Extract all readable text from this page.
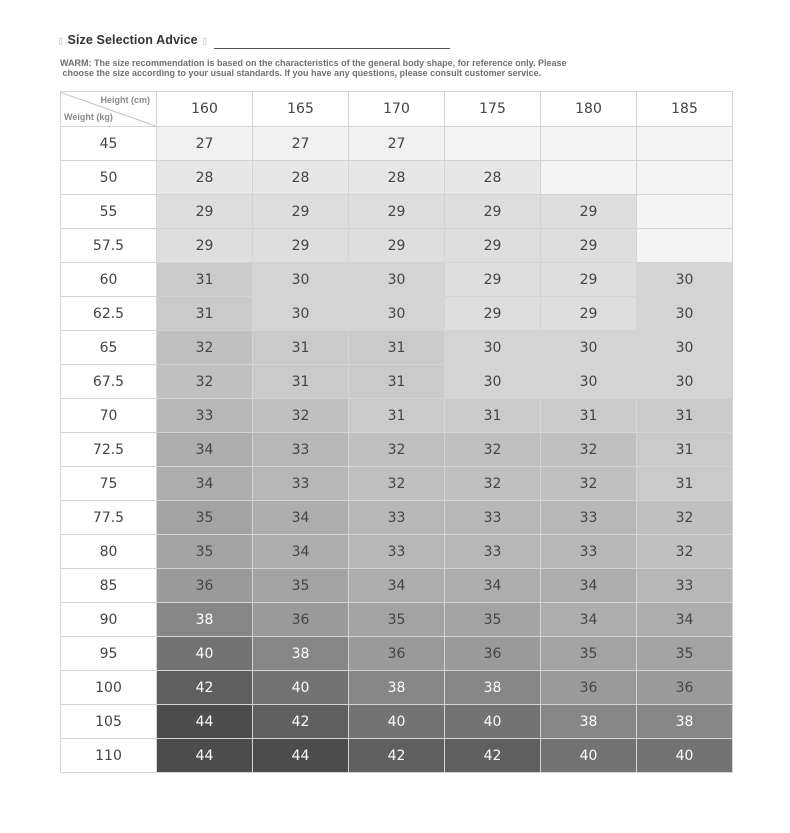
▯ Size Selection Advice ▯
WARM: The size recommendation is based on the characteristics of the general body shape, for reference only. Please
choose the size according to your usual standards. If you have any questions, please consult customer service.
Height (cm)
Weight (kg)	160	165	170	175	180	185
45	27	27	27			
50	28	28	28	28		
55	29	29	29	29	29	
57.5	29	29	29	29	29	
60	31	30	30	29	29	30
62.5	31	30	30	29	29	30
65	32	31	31	30	30	30
67.5	32	31	31	30	30	30
70	33	32	31	31	31	31
72.5	34	33	32	32	32	31
75	34	33	32	32	32	31
77.5	35	34	33	33	33	32
80	35	34	33	33	33	32
85	36	35	34	34	34	33
90	38	36	35	35	34	34
95	40	38	36	36	35	35
100	42	40	38	38	36	36
105	44	42	40	40	38	38
110	44	44	42	42	40	40
